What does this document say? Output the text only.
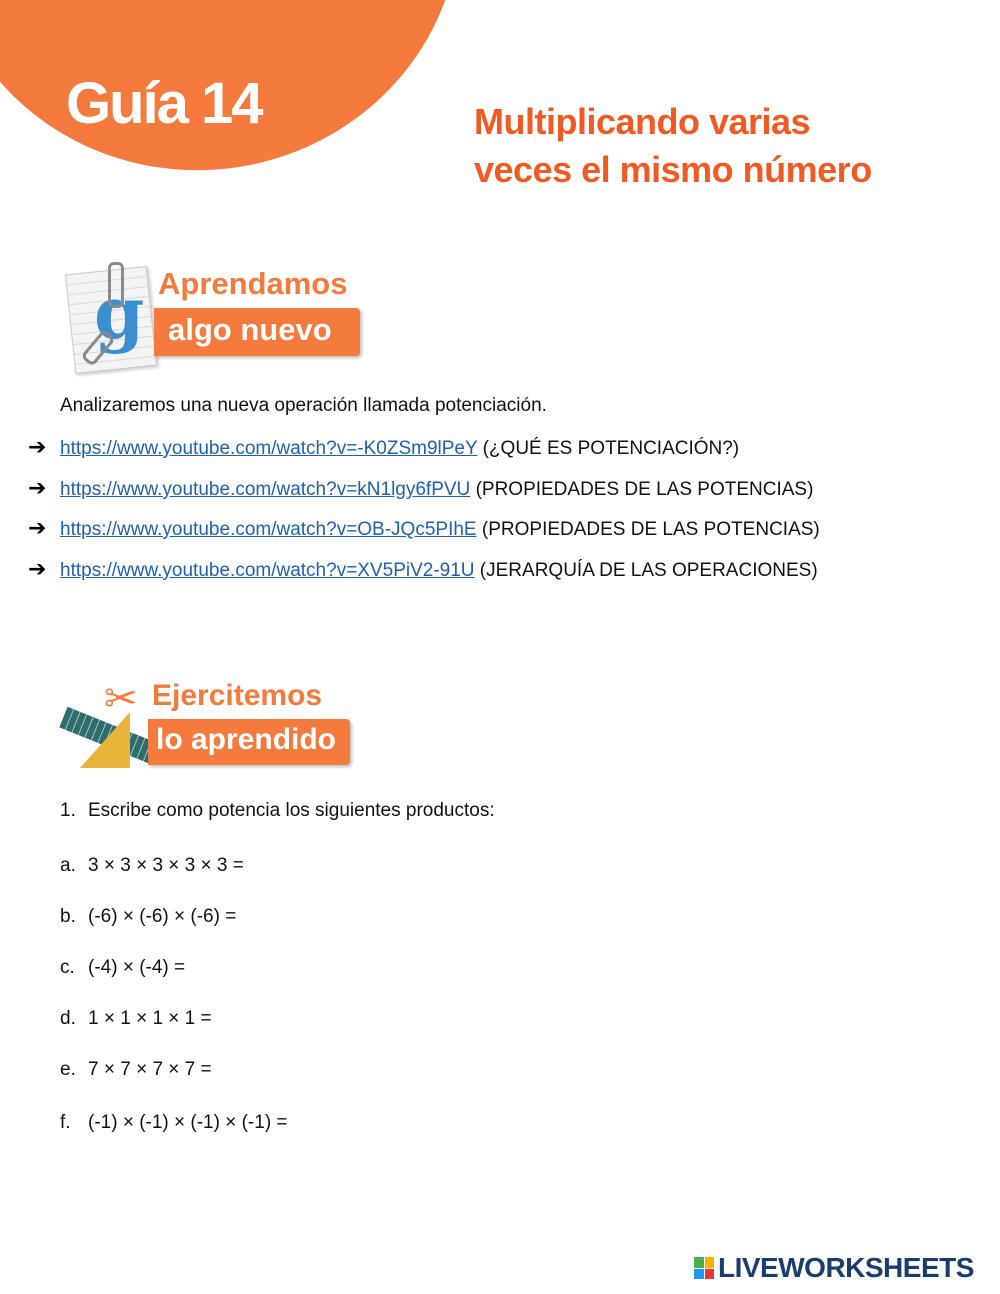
Guía 14	Multiplicando varias
veces el mismo número
g Aprendamos
algo nuevo
Analizaremos una nueva operación llamada potenciación.
➔ https://www.youtube.com/watch?v=-K0ZSm9lPeY (¿QUÉ ES POTENCIACIÓN?)
➔ https://www.youtube.com/watch?v=kN1lgy6fPVU (PROPIEDADES DE LAS POTENCIAS)
➔ https://www.youtube.com/watch?v=OB-JQc5PIhE (PROPIEDADES DE LAS POTENCIAS)
➔ https://www.youtube.com/watch?v=XV5PiV2-91U (JERARQUÍA DE LAS OPERACIONES)
✂ Ejercitemos
lo aprendido
1. Escribe como potencia los siguientes productos:
a. 3 × 3 × 3 × 3 × 3 =
b. (-6) × (-6) × (-6) =
c. (-4) × (-4) =
d. 1 × 1 × 1 × 1 =
e. 7 × 7 × 7 × 7 =
f. (-1) × (-1) × (-1) × (-1) =
LIVEWORKSHEETS
